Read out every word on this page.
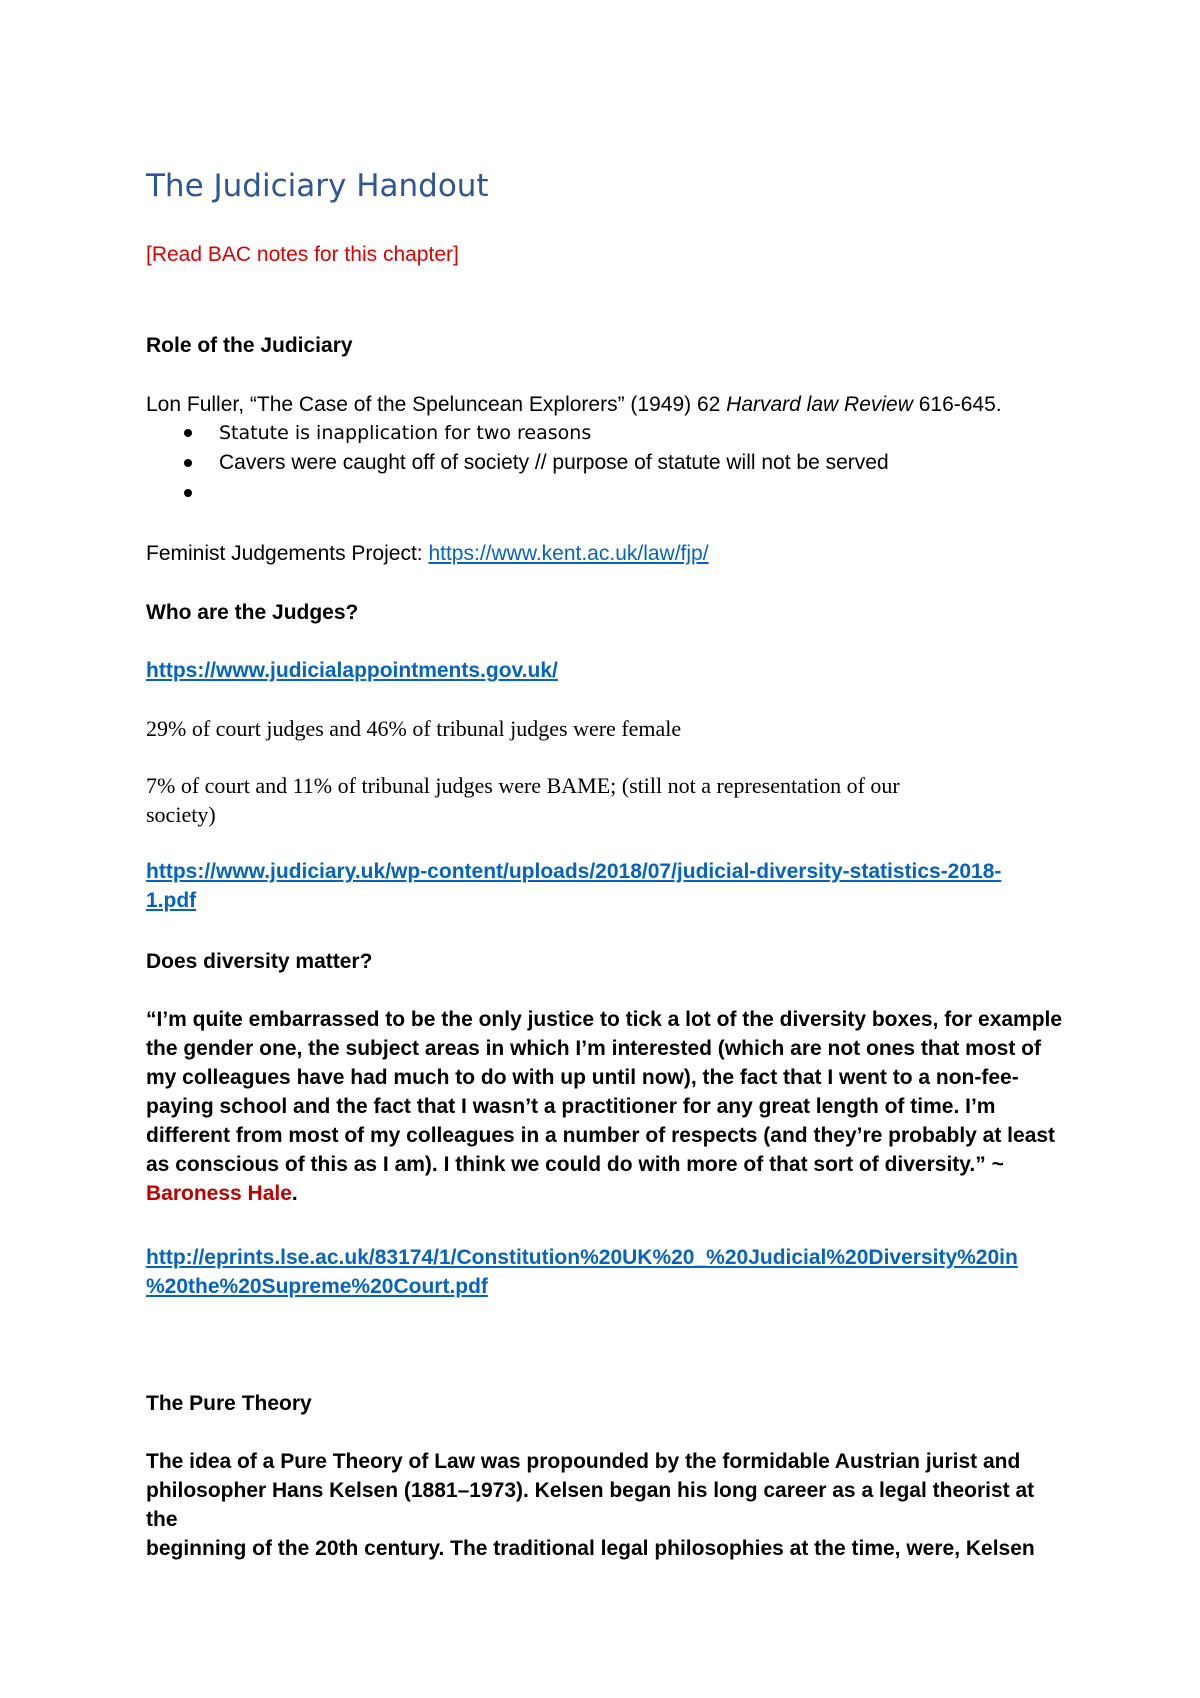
The Judiciary Handout

[Read BAC notes for this chapter]

Role of the Judiciary

Lon Fuller, “The Case of the Speluncean Explorers” (1949) 62 Harvard law Review 616-645.

Statute is inapplication for two reasons
Cavers were caught off of society // purpose of statute will not be served

Feminist Judgements Project: https://www.kent.ac.uk/law/fjp/

Who are the Judges?

https://www.judicialappointments.gov.uk/

29% of court judges and 46% of tribunal judges were female

7% of court and 11% of tribunal judges were BAME; (still not a representation of our
society)

https://www.judiciary.uk/wp-content/uploads/2018/07/judicial-diversity-statistics-2018-
1.pdf

Does diversity matter?

“I’m quite embarrassed to be the only justice to tick a lot of the diversity boxes, for example
the gender one, the subject areas in which I’m interested (which are not ones that most of
my colleagues have had much to do with up until now), the fact that I went to a non-fee-
paying school and the fact that I wasn’t a practitioner for any great length of time. I’m
different from most of my colleagues in a number of respects (and they’re probably at least
as conscious of this as I am). I think we could do with more of that sort of diversity.” ~
Baroness Hale.

http://eprints.lse.ac.uk/83174/1/Constitution%20UK%20_%20Judicial%20Diversity%20in
%20the%20Supreme%20Court.pdf

The Pure Theory

The idea of a Pure Theory of Law was propounded by the formidable Austrian jurist and
philosopher Hans Kelsen (1881–1973). Kelsen began his long career as a legal theorist at the
beginning of the 20th century. The traditional legal philosophies at the time, were, Kelsen
